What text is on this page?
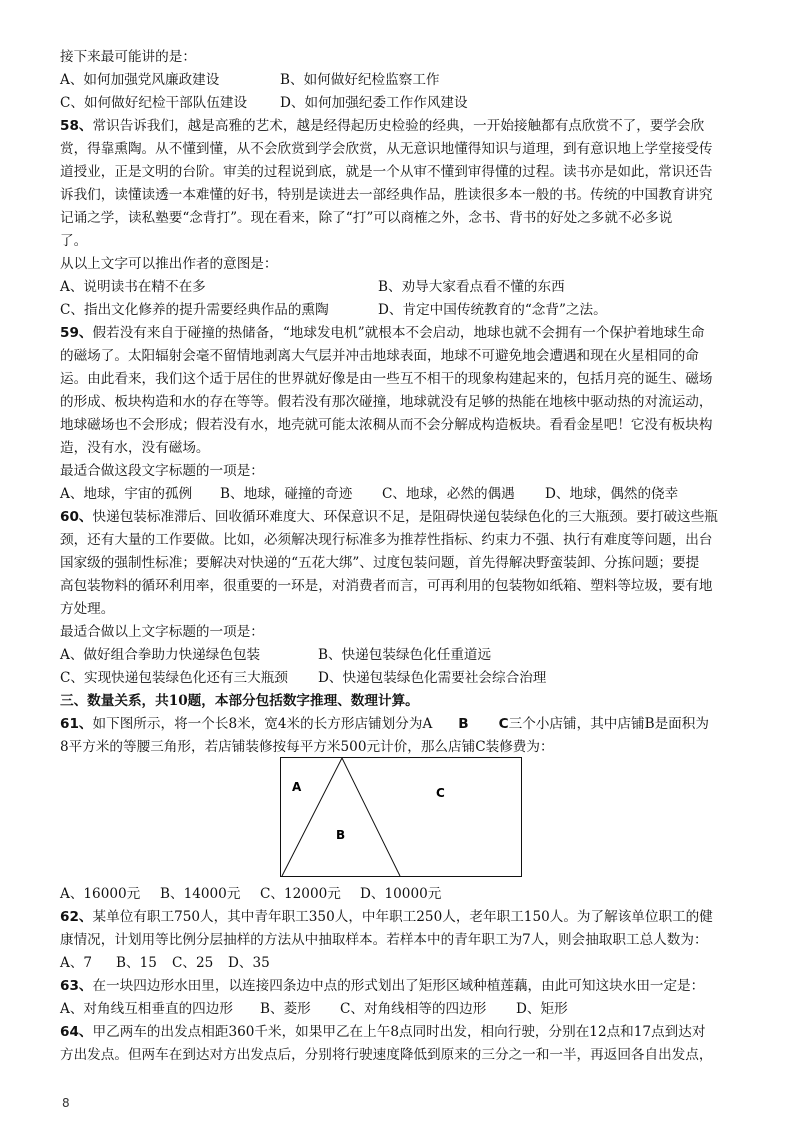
接下来最可能讲的是：
A、如何加强党风廉政建设	B、如何做好纪检监察工作
C、如何做好纪检干部队伍建设 D、如何加强纪委工作作风建设
58、常识告诉我们，越是高雅的艺术，越是经得起历史检验的经典，一开始接触都有点欣赏不了，要学会欣
赏，得靠熏陶。从不懂到懂，从不会欣赏到学会欣赏，从无意识地懂得知识与道理，到有意识地上学堂接受传
道授业，正是文明的台阶。审美的过程说到底，就是一个从审不懂到审得懂的过程。读书亦是如此，常识还告
诉我们，读懂读透一本难懂的好书，特别是读进去一部经典作品，胜读很多本一般的书。传统的中国教育讲究
记诵之学，读私塾要“念背打”。现在看来，除了“打”可以商榷之外，念书、背书的好处之多就不必多说
了。
从以上文字可以推出作者的意图是：
A、说明读书在精不在多	B、劝导大家看点看不懂的东西
C、指出文化修养的提升需要经典作品的熏陶	D、肯定中国传统教育的“念背”之法。
59、假若没有来自于碰撞的热储备，“地球发电机”就根本不会启动，地球也就不会拥有一个保护着地球生命
的磁场了。太阳辐射会毫不留情地剥离大气层并冲击地球表面，地球不可避免地会遭遇和现在火星相同的命
运。由此看来，我们这个适于居住的世界就好像是由一些互不相干的现象构建起来的，包括月亮的诞生、磁场
的形成、板块构造和水的存在等等。假若没有那次碰撞，地球就没有足够的热能在地核中驱动热的对流运动，
地球磁场也不会形成；假若没有水，地壳就可能太浓稠从而不会分解成构造板块。看看金星吧！它没有板块构
造，没有水，没有磁场。
最适合做这段文字标题的一项是：
A、地球，宇宙的孤例 B、地球，碰撞的奇迹 C、地球，必然的偶遇 D、地球，偶然的侥幸
60、快递包装标准滞后、回收循环难度大、环保意识不足，是阻碍快递包装绿色化的三大瓶颈。要打破这些瓶
颈，还有大量的工作要做。比如，必须解决现行标准多为推荐性指标、约束力不强、执行有难度等问题，出台
国家级的强制性标准；要解决对快递的“五花大绑”、过度包装问题，首先得解决野蛮装卸、分拣问题；要提
高包装物料的循环利用率，很重要的一环是，对消费者而言，可再利用的包装物如纸箱、塑料等垃圾，要有地
方处理。
最适合做以上文字标题的一项是：
A、做好组合拳助力快递绿色包装	B、快递包装绿色化任重道远
C、实现快递包装绿色化还有三大瓶颈 D、快递包装绿色化需要社会综合治理
三、数量关系，共10题，本部分包括数字推理、数理计算。
61、如下图所示，将一个长8米，宽4米的长方形店铺划分为A B C三个小店铺，其中店铺B是面积为
8平方米的等腰三角形，若店铺装修按每平方米500元计价，那么店铺C装修费为：
A
B
C
A、16000元 B、14000元 C、12000元 D、10000元
62、某单位有职工750人，其中青年职工350人，中年职工250人，老年职工150人。为了解该单位职工的健
康情况，计划用等比例分层抽样的方法从中抽取样本。若样本中的青年职工为7人，则会抽取职工总人数为：
A、7 B、15 C、25 D、35
63、在一块四边形水田里，以连接四条边中点的形式划出了矩形区域种植莲藕，由此可知这块水田一定是：
A、对角线互相垂直的四边形 B、菱形 C、对角线相等的四边形 D、矩形
64、甲乙两车的出发点相距360千米，如果甲乙在上午8点同时出发，相向行驶，分别在12点和17点到达对
方出发点。但两车在到达对方出发点后，分别将行驶速度降低到原来的三分之一和一半，再返回各自出发点，
8
